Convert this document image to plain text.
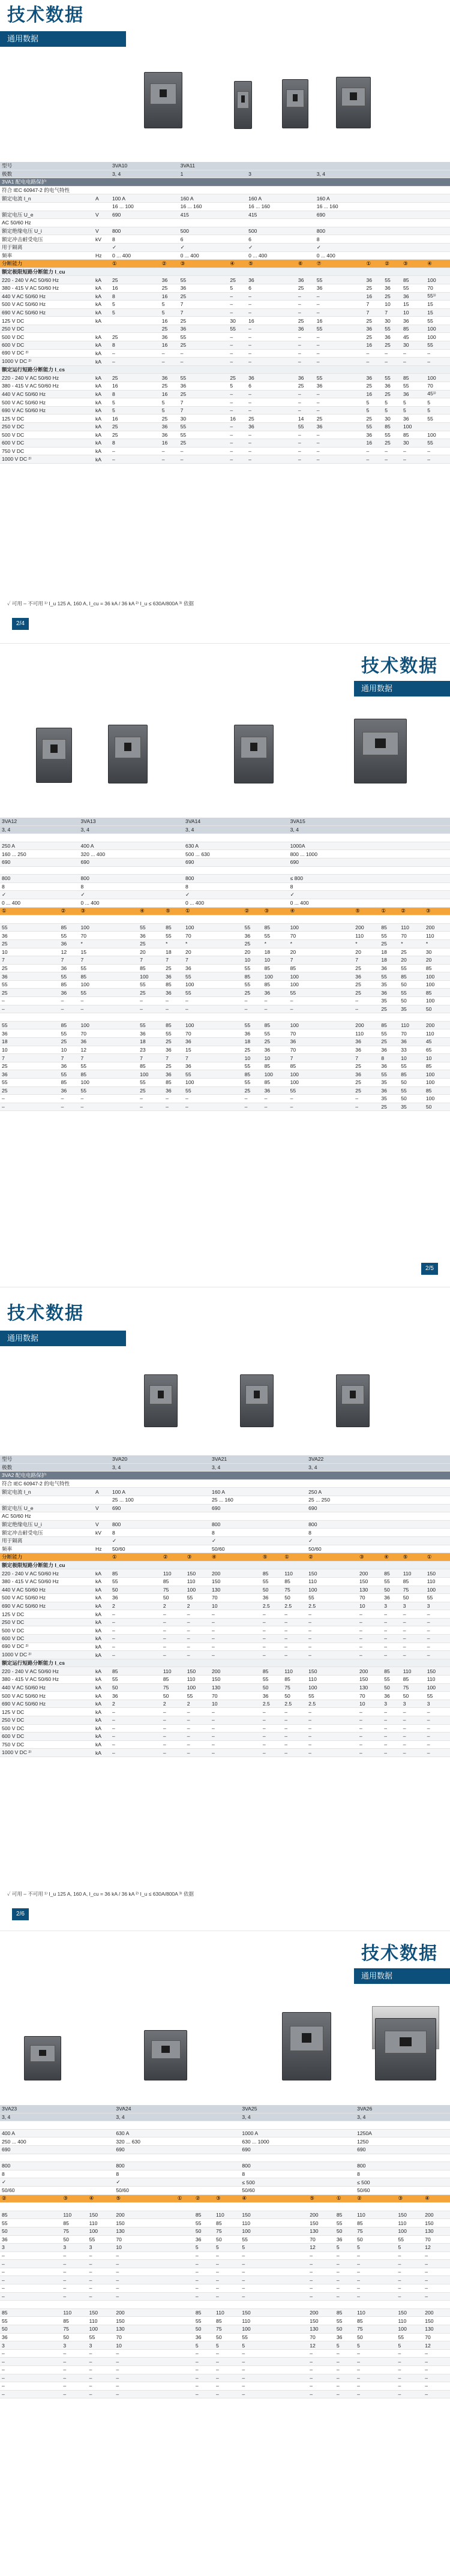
技术数据
通用数据
型号		3VA10		3VA11								
极数		3, 4		1		3		3, 4				
3VA1 配电电路保护												
符合 IEC 60947-2 的电气特性												
额定电流 I_n	A	100 A		160 A		160 A		160 A				
		16 ... 100		16 ... 160		16 ... 160		16 ... 160				
额定电压 U_e	V	690		415		415		690				
AC 50/60 Hz												
额定绝缘电压 U_i	V	800		500		500		800				
额定冲击耐受电压	kV	8		6		6		8				
用于隔离		✓		✓		✓		✓				
频率	Hz	0 ... 400		0 ... 400		0 ... 400		0 ... 400				
分断能力		①	②	③	④	⑤	⑥	⑦	①	②	③	④
额定极限短路分断能力 I_cu												
220 - 240 V AC 50/60 Hz	kA	25	36	55	25	36	36	55	36	55	85	100
380 - 415 V AC 50/60 Hz	kA	16	25	36	5	6	25	36	25	36	55	70
440 V AC 50/60 Hz	kA	8	16	25	–	–	–	–	16	25	36	55¹⁾
500 V AC 50/60 Hz	kA	5	5	7	–	–	–	–	7	10	15	15
690 V AC 50/60 Hz	kA	5	5	7	–	–	–	–	7	7	10	15
125 V DC	kA		16	25	30	16	25	16	25	30	36	55
250 V DC			25	36	55	–	36	55	36	55	85	100
500 V DC	kA	25	36	55	–	–	–	–	25	36	45	100
600 V DC	kA	8	16	25	–	–	–	–	16	25	30	55
690 V DC ²⁾	kA	–	–	–	–	–	–	–	–	–	–	–
1000 V DC ²⁾	kA	–	–	–	–	–	–	–	–	–	–	–
额定运行短路分断能力 I_cs												
220 - 240 V AC 50/60 Hz	kA	25	36	55	25	36	36	55	36	55	85	100
380 - 415 V AC 50/60 Hz	kA	16	25	36	5	6	25	36	25	36	55	70
440 V AC 50/60 Hz	kA	8	16	25	–	–	–	–	16	25	36	45¹⁾
500 V AC 50/60 Hz	kA	5	5	7	–	–	–	–	5	5	5	5
690 V AC 50/60 Hz	kA	5	5	7	–	–	–	–	5	5	5	5
125 V DC	kA	16	25	30	16	25	14	25	25	30	36	55
250 V DC	kA	25	36	55	–	36	55	36	55	85	100	
500 V DC	kA	25	36	55	–	–	–	–	36	55	85	100
600 V DC	kA	8	16	25	–	–	–	–	16	25	30	55
750 V DC	kA	–	–	–	–	–	–	–	–	–	–	–
1000 V DC ²⁾	kA	–	–	–	–	–	–	–	–	–	–	–
✓ 可用 – 不可用 ¹⁾ I_u 125 A, 160 A, I_cu = 36 kA / 36 kA ²⁾ I_u ≤ 630A/800A ³⁾ 依据
2/4
技术数据
通用数据
3VA12		3VA13			3VA14			3VA15				
3, 4		3, 4			3, 4			3, 4				

250 A		400 A			630 A			1000A				
160 ... 250		320 ... 400			500 ... 630			800 ... 1000				
690		690			690			690				

800		800			800			≤ 800				
8		8			8			8				
✓		✓			✓			✓				
0 ... 400		0 ... 400			0 ... 400			0 ... 400				
①	②	③	④	⑤	①	②	③	④	⑤	①	②	③

55	85	100	55	85	100	55	85	100	200	85	110	200
36	55	70	36	55	70	36	55	70	110	55	70	110
25	36	*	25	*	*	25	*	*	*	25	*	*
10	12	15	20	18	20	20	18	20	20	18	25	30
7	7	7	7	7	7	10	10	7	7	18	20	20
25	36	55	85	25	36	55	85	85	25	36	55	85
36	55	85	100	36	55	85	100	100	36	55	85	100
55	85	100	55	85	100	55	85	100	25	35	50	100
25	36	55	25	36	55	25	36	55	25	36	55	85
–	–	–	–	–	–	–	–	–	–	35	50	100
–	–	–	–	–	–	–	–	–	–	25	35	50

55	85	100	55	85	100	55	85	100	200	85	110	200
36	55	70	36	55	70	36	55	70	110	55	70	110
18	25	36	18	25	36	18	25	36	36	25	36	45
10	10	12	23	36	15	25	36	70	36	36	33	65
7	7	7	7	7	7	10	10	7	7	8	10	10
25	36	55	85	25	36	55	85	85	25	36	55	85
36	55	85	100	36	55	85	100	100	36	55	85	100
55	85	100	55	85	100	55	85	100	25	35	50	100
25	36	55	25	36	55	25	36	55	25	36	55	85
–	–	–	–	–	–	–	–	–	–	35	50	100
–	–	–	–	–	–	–	–	–	–	25	35	50
2/5
技术数据
通用数据
型号		3VA20			3VA21			3VA22				
极数		3, 4			3, 4			3, 4				
3VA2 配电电路保护												
符合 IEC 60947-2 的电气特性												
额定电流 I_n	A	100 A			160 A			250 A				
		25 ... 100			25 ... 160			25 ... 250				
额定电压 U_e	V	690			690			690				
AC 50/60 Hz												
额定绝缘电压 U_i	V	800			800			800				
额定冲击耐受电压	kV	8			8			8				
用于隔离		✓			✓			✓				
频率	Hz	50/60			50/60			50/60				
分断能力		①	②	③	④	⑤	①	②	③	④	⑤	①
额定极限短路分断能力 I_cu												
220 - 240 V AC 50/60 Hz	kA	85	110	150	200	85	110	150	200	85	110	150
380 - 415 V AC 50/60 Hz	kA	55	85	110	150	55	85	110	150	55	85	110
440 V AC 50/60 Hz	kA	50	75	100	130	50	75	100	130	50	75	100
500 V AC 50/60 Hz	kA	36	50	55	70	36	50	55	70	36	50	55
690 V AC 50/60 Hz	kA	2	2	2	10	2.5	2.5	2.5	10	3	3	3
125 V DC	kA	–	–	–	–	–	–	–	–	–	–	–
250 V DC	kA	–	–	–	–	–	–	–	–	–	–	–
500 V DC	kA	–	–	–	–	–	–	–	–	–	–	–
600 V DC	kA	–	–	–	–	–	–	–	–	–	–	–
690 V DC ²⁾	kA	–	–	–	–	–	–	–	–	–	–	–
1000 V DC ²⁾	kA	–	–	–	–	–	–	–	–	–	–	–
额定运行短路分断能力 I_cs												
220 - 240 V AC 50/60 Hz	kA	85	110	150	200	85	110	150	200	85	110	150
380 - 415 V AC 50/60 Hz	kA	55	85	110	150	55	85	110	150	55	85	110
440 V AC 50/60 Hz	kA	50	75	100	130	50	75	100	130	50	75	100
500 V AC 50/60 Hz	kA	36	50	55	70	36	50	55	70	36	50	55
690 V AC 50/60 Hz	kA	2	2	2	10	2.5	2.5	2.5	10	3	3	3
125 V DC	kA	–	–	–	–	–	–	–	–	–	–	–
250 V DC	kA	–	–	–	–	–	–	–	–	–	–	–
500 V DC	kA	–	–	–	–	–	–	–	–	–	–	–
600 V DC	kA	–	–	–	–	–	–	–	–	–	–	–
750 V DC	kA	–	–	–	–	–	–	–	–	–	–	–
1000 V DC ²⁾	kA	–	–	–	–	–	–	–	–	–	–	–
✓ 可用 – 不可用 ¹⁾ I_u 125 A, 160 A, I_cu = 36 kA / 36 kA ²⁾ I_u ≤ 630A/800A ³⁾ 依据
2/6
技术数据
通用数据
3VA23			3VA24				3VA25			3VA26		
3, 4			3, 4				3, 4			3, 4		

400 A			630 A				1000 A			1250A		
250 ... 400			320 ... 630				630 ... 1000			1250		
690			690				690			690		

800			800				800			800		
8			8				8			8		
✓			✓				≤ 500			≤ 500		
50/60			50/60				50/60			50/60		
②	③	④	⑤	①	②	③	④	⑤	①	②	③	④

85	110	150	200		85	110	150	200	85	110	150	200
55	85	110	150		55	85	110	150	55	85	110	150
50	75	100	130		50	75	100	130	50	75	100	130
36	50	55	70		36	50	55	70	36	50	55	70
3	3	3	10		5	5	5	12	5	5	5	12
–	–	–	–		–	–	–	–	–	–	–	–
–	–	–	–		–	–	–	–	–	–	–	–
–	–	–	–		–	–	–	–	–	–	–	–
–	–	–	–		–	–	–	–	–	–	–	–
–	–	–	–		–	–	–	–	–	–	–	–
–	–	–	–		–	–	–	–	–	–	–	–

85	110	150	200		85	110	150	200	85	110	150	200
55	85	110	150		55	85	110	150	55	85	110	150
50	75	100	130		50	75	100	130	50	75	100	130
36	50	55	70		36	50	55	70	36	50	55	70
3	3	3	10		5	5	5	12	5	5	5	12
–	–	–	–		–	–	–	–	–	–	–	–
–	–	–	–		–	–	–	–	–	–	–	–
–	–	–	–		–	–	–	–	–	–	–	–
–	–	–	–		–	–	–	–	–	–	–	–
–	–	–	–		–	–	–	–	–	–	–	–
–	–	–	–		–	–	–	–	–	–	–	–
